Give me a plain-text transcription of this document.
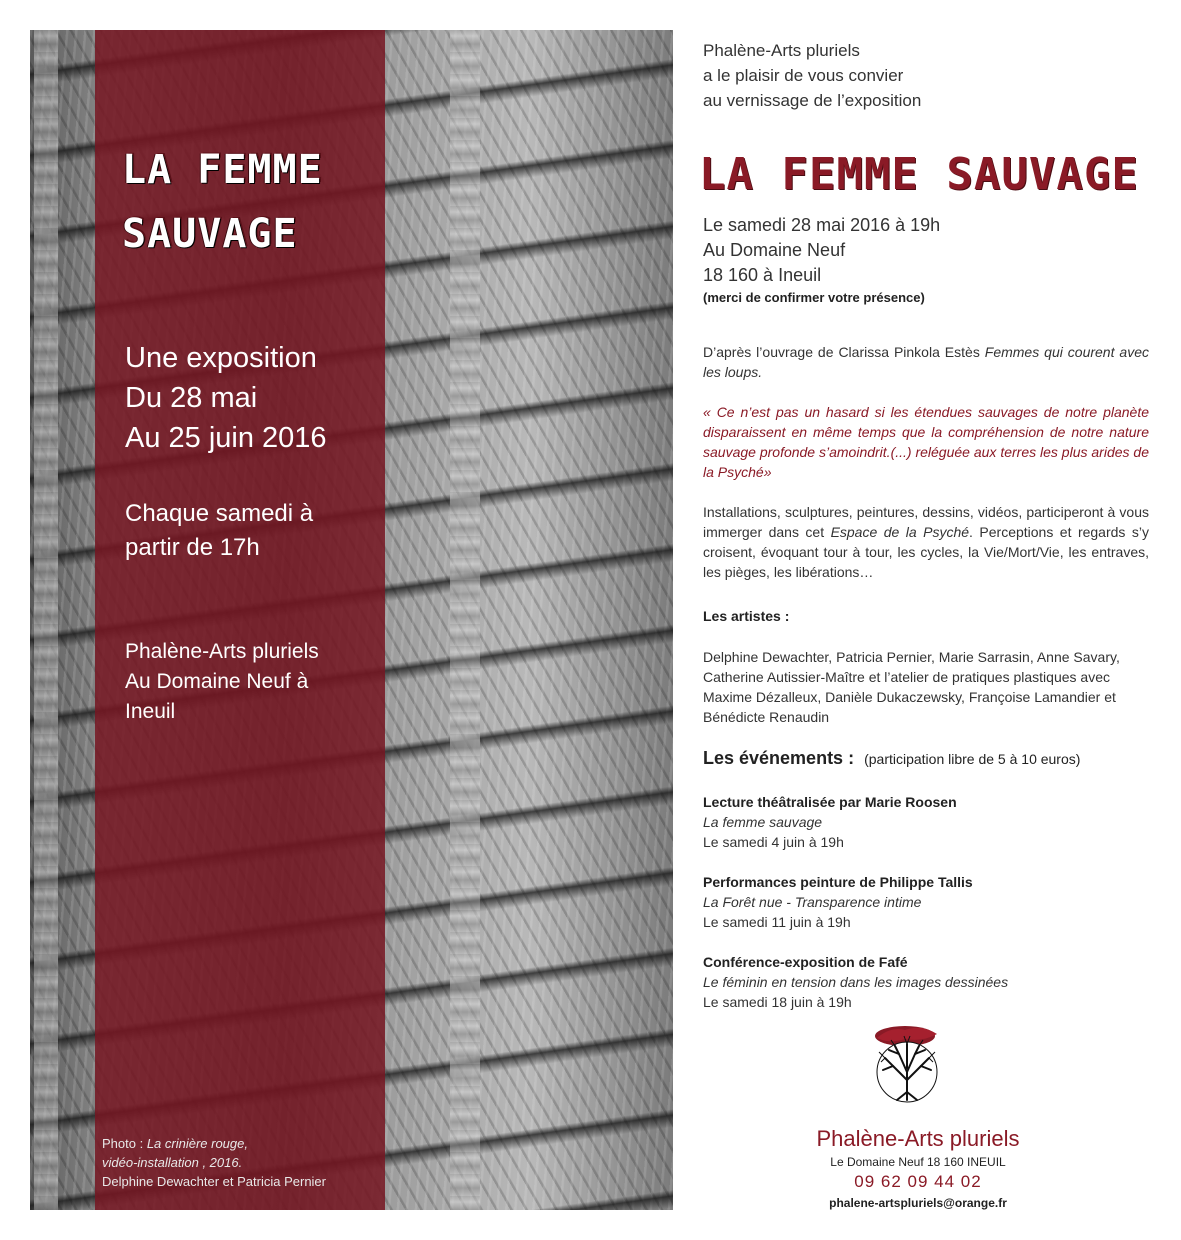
LA FEMME
SAUVAGE
Une exposition
Du 28 mai
Au 25 juin 2016
Chaque samedi à
partir de 17h
Phalène-Arts pluriels
Au Domaine Neuf à
Ineuil
Photo : La crinière rouge,
vidéo-installation , 2016.
Delphine Dewachter et Patricia Pernier
Phalène-Arts pluriels
a le plaisir de vous convier
au vernissage de l’exposition
LA FEMME SAUVAGE
Le samedi 28 mai 2016 à 19h
Au Domaine Neuf
18 160 à Ineuil
(merci de confirmer votre présence)
D’après l’ouvrage de Clarissa Pinkola Estès Femmes qui courent avec les loups.
« Ce n’est pas un hasard si les étendues sauvages de notre planète disparaissent en même temps que la compréhension de notre nature sauvage profonde s’amoindrit.(...) reléguée aux terres les plus arides de la Psyché»
Installations, sculptures, peintures, dessins, vidéos, participeront à vous immerger dans cet Espace de la Psyché. Perceptions et regards s’y croisent, évoquant tour à tour, les cycles, la Vie/Mort/Vie, les entraves, les pièges, les libérations…
Les artistes :
Delphine Dewachter, Patricia Pernier, Marie Sarrasin, Anne Savary, Catherine Autissier-Maître et l’atelier de pratiques plastiques avec Maxime Dézalleux, Danièle Dukaczewsky, Françoise Lamandier et Bénédicte Renaudin
Les événements : (participation libre de 5 à 10 euros)
Lecture théâtralisée par Marie Roosen
La femme sauvage
Le samedi 4 juin à 19h
Performances peinture de Philippe Tallis
La Forêt nue - Transparence intime
Le samedi 11 juin à 19h
Conférence-exposition de Fafé
Le féminin en tension dans les images dessinées
Le samedi 18 juin à 19h
Phalène-Arts pluriels
Le Domaine Neuf 18 160 INEUIL
09 62 09 44 02
phalene-artspluriels@orange.fr
